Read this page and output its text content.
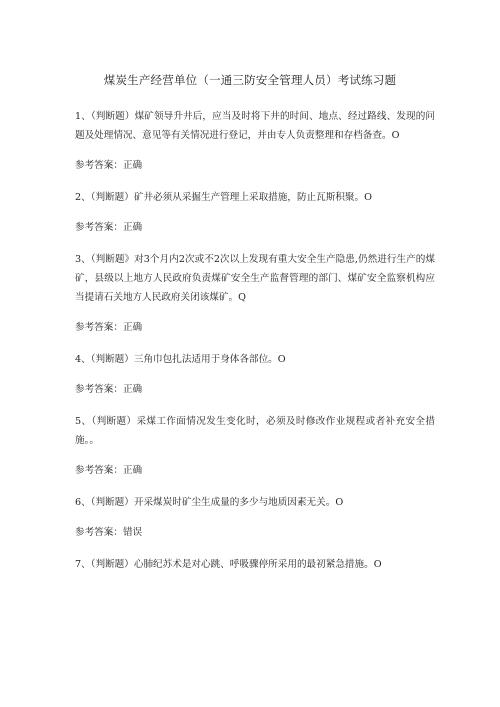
煤炭生产经营单位（一通三防安全管理人员）考试练习题

1、（判断题）煤矿领导升井后，应当及时将下井的时间、地点、经过路线、发现的问题及处理情况、意见等有关情况进行登记，并由专人负责整理和存档备查。O

参考答案：正确

2、（判断题）矿井必须从采掘生产管理上采取措施，防止瓦斯积聚。O

参考答案：正确

3、（判断题》对3个月内2次或不2次以上发现有重大安全生产隐患,仍然进行生产的煤矿，县级以上地方人民政府负责煤矿安全生产监督管理的部门、煤矿安全监察机构应当提请石关地方人民政府关闭该煤矿。Q

参考答案：正确

4、（判断题）三角巾包扎法适用于身体各部位。O

参考答案：正确

5、（判断题）采煤工作面情况发生变化时，必须及时修改作业规程或者补充安全措施。。

参考答案：正确

6、（判断题）开采煤炭时矿尘生成量的多少与地质因素无关。O

参考答案：错误

7、（判断题）心肺纪苏术是对心跳、呼吸骤停所采用的最初紧急措施。O
